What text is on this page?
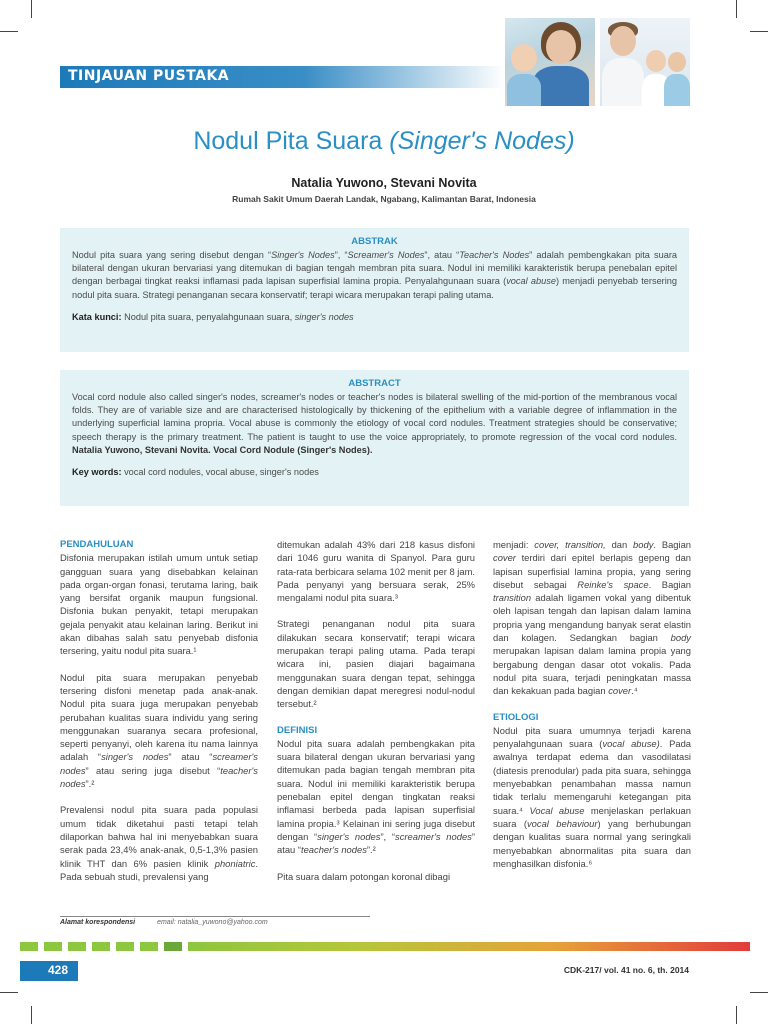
TINJAUAN PUSTAKA
Nodul Pita Suara (Singer's Nodes)
Natalia Yuwono, Stevani Novita
Rumah Sakit Umum Daerah Landak, Ngabang, Kalimantan Barat, Indonesia
ABSTRAK
Nodul pita suara yang sering disebut dengan “Singer's Nodes”, “Screamer's Nodes”, atau “Teacher's Nodes” adalah pembengkakan pita suara bilateral dengan ukuran bervariasi yang ditemukan di bagian tengah membran pita suara. Nodul ini memiliki karakteristik berupa penebalan epitel dengan berbagai tingkat reaksi inflamasi pada lapisan superfisial lamina propia. Penyalahgunaan suara (vocal abuse) menjadi penyebab tersering nodul pita suara. Strategi penanganan secara konservatif; terapi wicara merupakan terapi paling utama.
Kata kunci: Nodul pita suara, penyalahgunaan suara, singer's nodes
ABSTRACT
Vocal cord nodule also called singer's nodes, screamer's nodes or teacher's nodes is bilateral swelling of the mid-portion of the membranous vocal folds. They are of variable size and are characterised histologically by thickening of the epithelium with a variable degree of inflammation in the underlying superficial lamina propria. Vocal abuse is commonly the etiology of vocal cord nodules. Treatment strategies should be conservative; speech therapy is the primary treatment. The patient is taught to use the voice appropriately, to promote regression of the vocal cord nodules. Natalia Yuwono, Stevani Novita. Vocal Cord Nodule (Singer's Nodes).
Key words: vocal cord nodules, vocal abuse, singer's nodes
PENDAHULUAN

Disfonia merupakan istilah umum untuk setiap gangguan suara yang disebabkan kelainan pada organ-organ fonasi, terutama laring, baik yang bersifat organik maupun fungsional. Disfonia bukan penyakit, tetapi merupakan gejala penyakit atau kelainan laring. Berikut ini akan dibahas salah satu penyebab disfonia tersering, yaitu nodul pita suara.¹

Nodul pita suara merupakan penyebab tersering disfoni menetap pada anak-anak. Nodul pita suara juga merupakan penyebab perubahan kualitas suara individu yang sering menggunakan suaranya secara profesional, seperti penyanyi, oleh karena itu nama lainnya adalah “singer's nodes” atau “screamer's nodes” atau sering juga disebut “teacher's nodes”.²

Prevalensi nodul pita suara pada populasi umum tidak diketahui pasti tetapi telah dilaporkan bahwa hal ini menyebabkan suara serak pada 23,4% anak-anak, 0,5-1,3% pasien klinik THT dan 6% pasien klinik phoniatric. Pada sebuah studi, prevalensi yang

ditemukan adalah 43% dari 218 kasus disfoni dari 1046 guru wanita di Spanyol. Para guru rata-rata berbicara selama 102 menit per 8 jam. Pada penyanyi yang bersuara serak, 25% mengalami nodul pita suara.³

Strategi penanganan nodul pita suara dilakukan secara konservatif; terapi wicara merupakan terapi paling utama. Pada terapi wicara ini, pasien diajari bagaimana menggunakan suara dengan tepat, sehingga dengan demikian dapat meregresi nodul-nodul tersebut.²

DEFINISI

Nodul pita suara adalah pembengkakan pita suara bilateral dengan ukuran bervariasi yang ditemukan pada bagian tengah membran pita suara. Nodul ini memiliki karakteristik berupa penebalan epitel dengan tingkatan reaksi inflamasi berbeda pada lapisan superfisial lamina propia.³ Kelainan ini sering juga disebut dengan “singer's nodes”, “screamer's nodes” atau “teacher's nodes”.²

Pita suara dalam potongan koronal dibagi

menjadi: cover, transition, dan body. Bagian cover terdiri dari epitel berlapis gepeng dan lapisan superfisial lamina propia, yang sering disebut sebagai Reinke's space. Bagian transition adalah ligamen vokal yang dibentuk oleh lapisan tengah dan lapisan dalam lamina propria yang mengandung banyak serat elastin dan kolagen. Sedangkan bagian body merupakan lapisan dalam lamina propia yang bergabung dengan dasar otot vokalis. Pada nodul pita suara, terjadi peningkatan massa dan kekakuan pada bagian cover.⁴

ETIOLOGI

Nodul pita suara umumnya terjadi karena penyalahgunaan suara (vocal abuse). Pada awalnya terdapat edema dan vasodilatasi (diatesis prenodular) pada pita suara, sehingga menyebabkan penambahan massa namun tidak terlalu memengaruhi ketegangan pita suara.⁴ Vocal abuse menjelaskan perlakuan suara (vocal behaviour) yang berhubungan dengan kualitas suara normal yang seringkali menyebabkan abnormalitas pita suara dan menghasilkan disfonia.⁶

Alamat korespondensi	email: natalia_yuwono@yahoo.com
428	CDK-217/ vol. 41 no. 6, th. 2014
